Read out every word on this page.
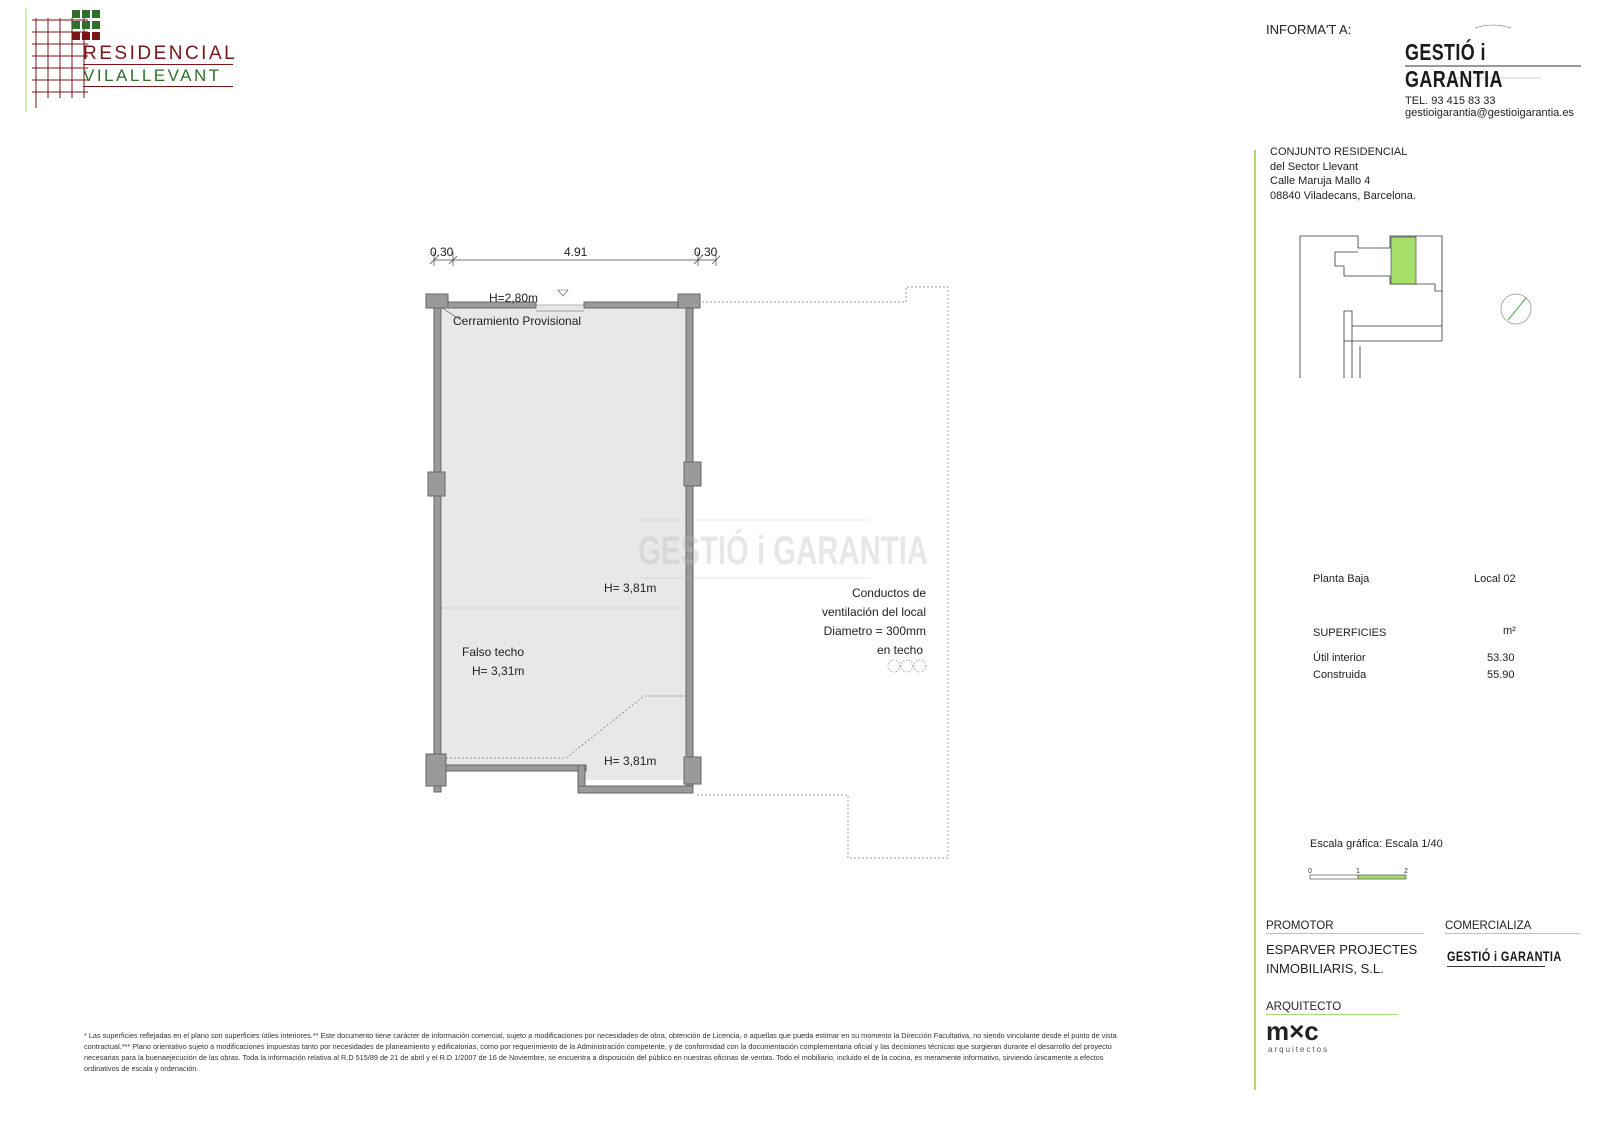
RESIDENCIAL
VILALLEVANT
INFORMA'T A:
GESTIÓ i GARANTIA
TEL. 93 415 83 33
gestioigarantia@gestioigarantia.es
CONJUNTO RESIDENCIAL
del Sector Llevant
Calle Maruja Mallo 4
08840 Viladecans, Barcelona.
Planta Baja	Local 02
SUPERFICIES	m²
Útil interior	53.30
Construida	55.90
Escala gráfica: Escala 1/40
0	1	2
PROMOTOR
ESPARVER PROJECTES
INMOBILIARIS, S.L.
COMERCIALIZA
GESTIÓ i GARANTIA
ARQUITECTO
m×c
arquitectos
0.30	4.91	0.30
GESTIÓ i GARANTIA
H=2,80m
Cerramiento Provisional
H= 3,81m
Falso techo
H= 3,31m
H= 3,81m
Conductos de
ventilación del local
Diametro = 300mm
en techo
* Las superficies reflejadas en el plano son superficies útiles interiores.** Este documento tiene carácter de información comercial, sujeto a modificaciones por necesidades de obra, obtención de Licencia, o aquellas que pueda estimar en su momento la Dirección Facultativa, no siendo vinculante desde el punto de vista contractual.*** Plano orientativo sujeto a modificaciones impuestas tanto por necesidades de planeamiento y edificatorias, como por requerimiento de la Administración competente, y de conformidad con la documentación complementaria oficial y las decisiones técnicas que surgieran durante el desarrollo del proyecto necesarias para la buenaejecución de las obras. Toda la información relativa al R.D 515/89 de 21 de abril y el R.D 1/2007 de 16 de Noviembre, se encuentra a disposición del público en nuestras oficinas de ventas. Todo el mobiliario, incluido el de la cocina, es meramente informativo, sirviendo únicamente a efectos ordinativos de escala y ordenación.
